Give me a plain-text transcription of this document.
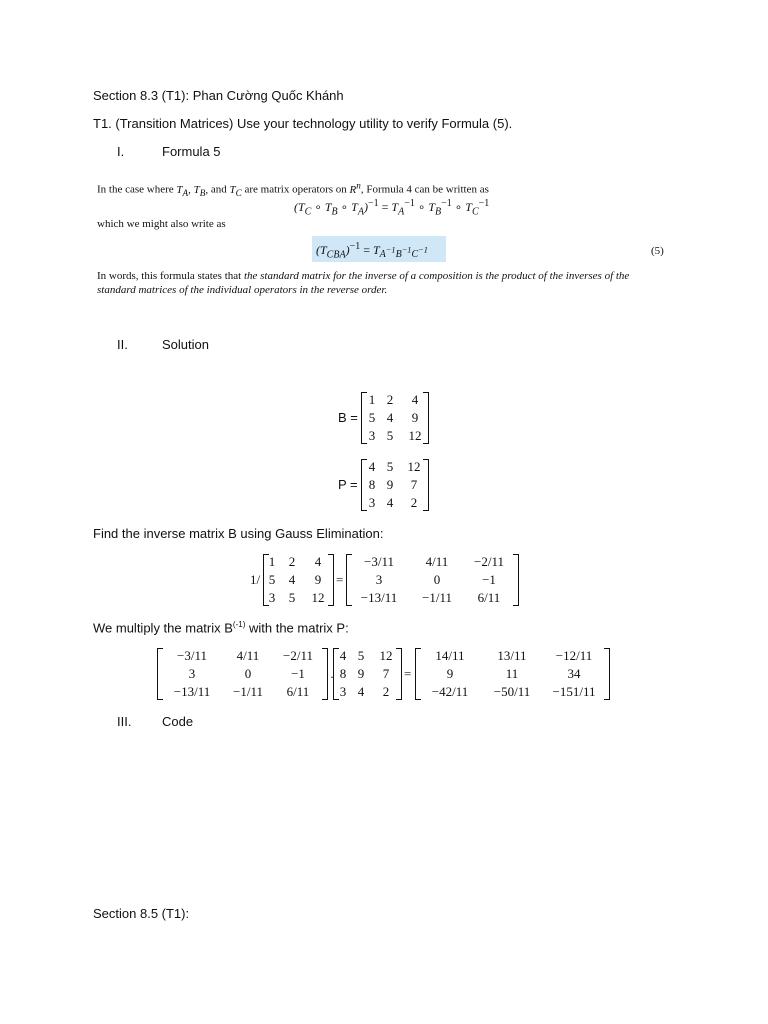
Section 8.3 (T1): Phan Cường Quốc Khánh
T1. (Transition Matrices) Use your technology utility to verify Formula (5).
I.	Formula 5
In the case where $T_A$, $T_B$, and $T_C$ are matrix operators on $R^n$, Formula 4 can be written as
($T_C$ ∘ $T_B$ ∘ $T_A)^{-1} = T_A^{-1}$ ∘ $T_B^{-1}$ ∘ $T_C^{-1}$
which we might also write as
$(T_{CBA})^{-1} = T_{A^{-1}B^{-1}C^{-1}}$	(5)
In words, this formula states that the standard matrix for the inverse of a composition is the product of the inverses of the
standard matrices of the individual operators in the reverse order.
II.	Solution
B =
1 2	4
5 4	9
3 5 12
P =
4 5 12
8 9	7
3 4	2
Find the inverse matrix B using Gauss Elimination:
1/
1 2	4
5 4	9
3 5 12
=
−3/11	4/11	−2/11
3	0	−1
−13/11	−1/11	6/11
We multiply the matrix $B^{(-1)}$ with the matrix P:
−3/11	4/11	−2/11
3	0	−1
−13/11	−1/11	6/11
4 5	12
. 8 9	7
3 4	2
=
14/11	13/11	−12/11
9	11	34
−42/11	−50/11	−151/11
III. Code
Section 8.5 (T1):
